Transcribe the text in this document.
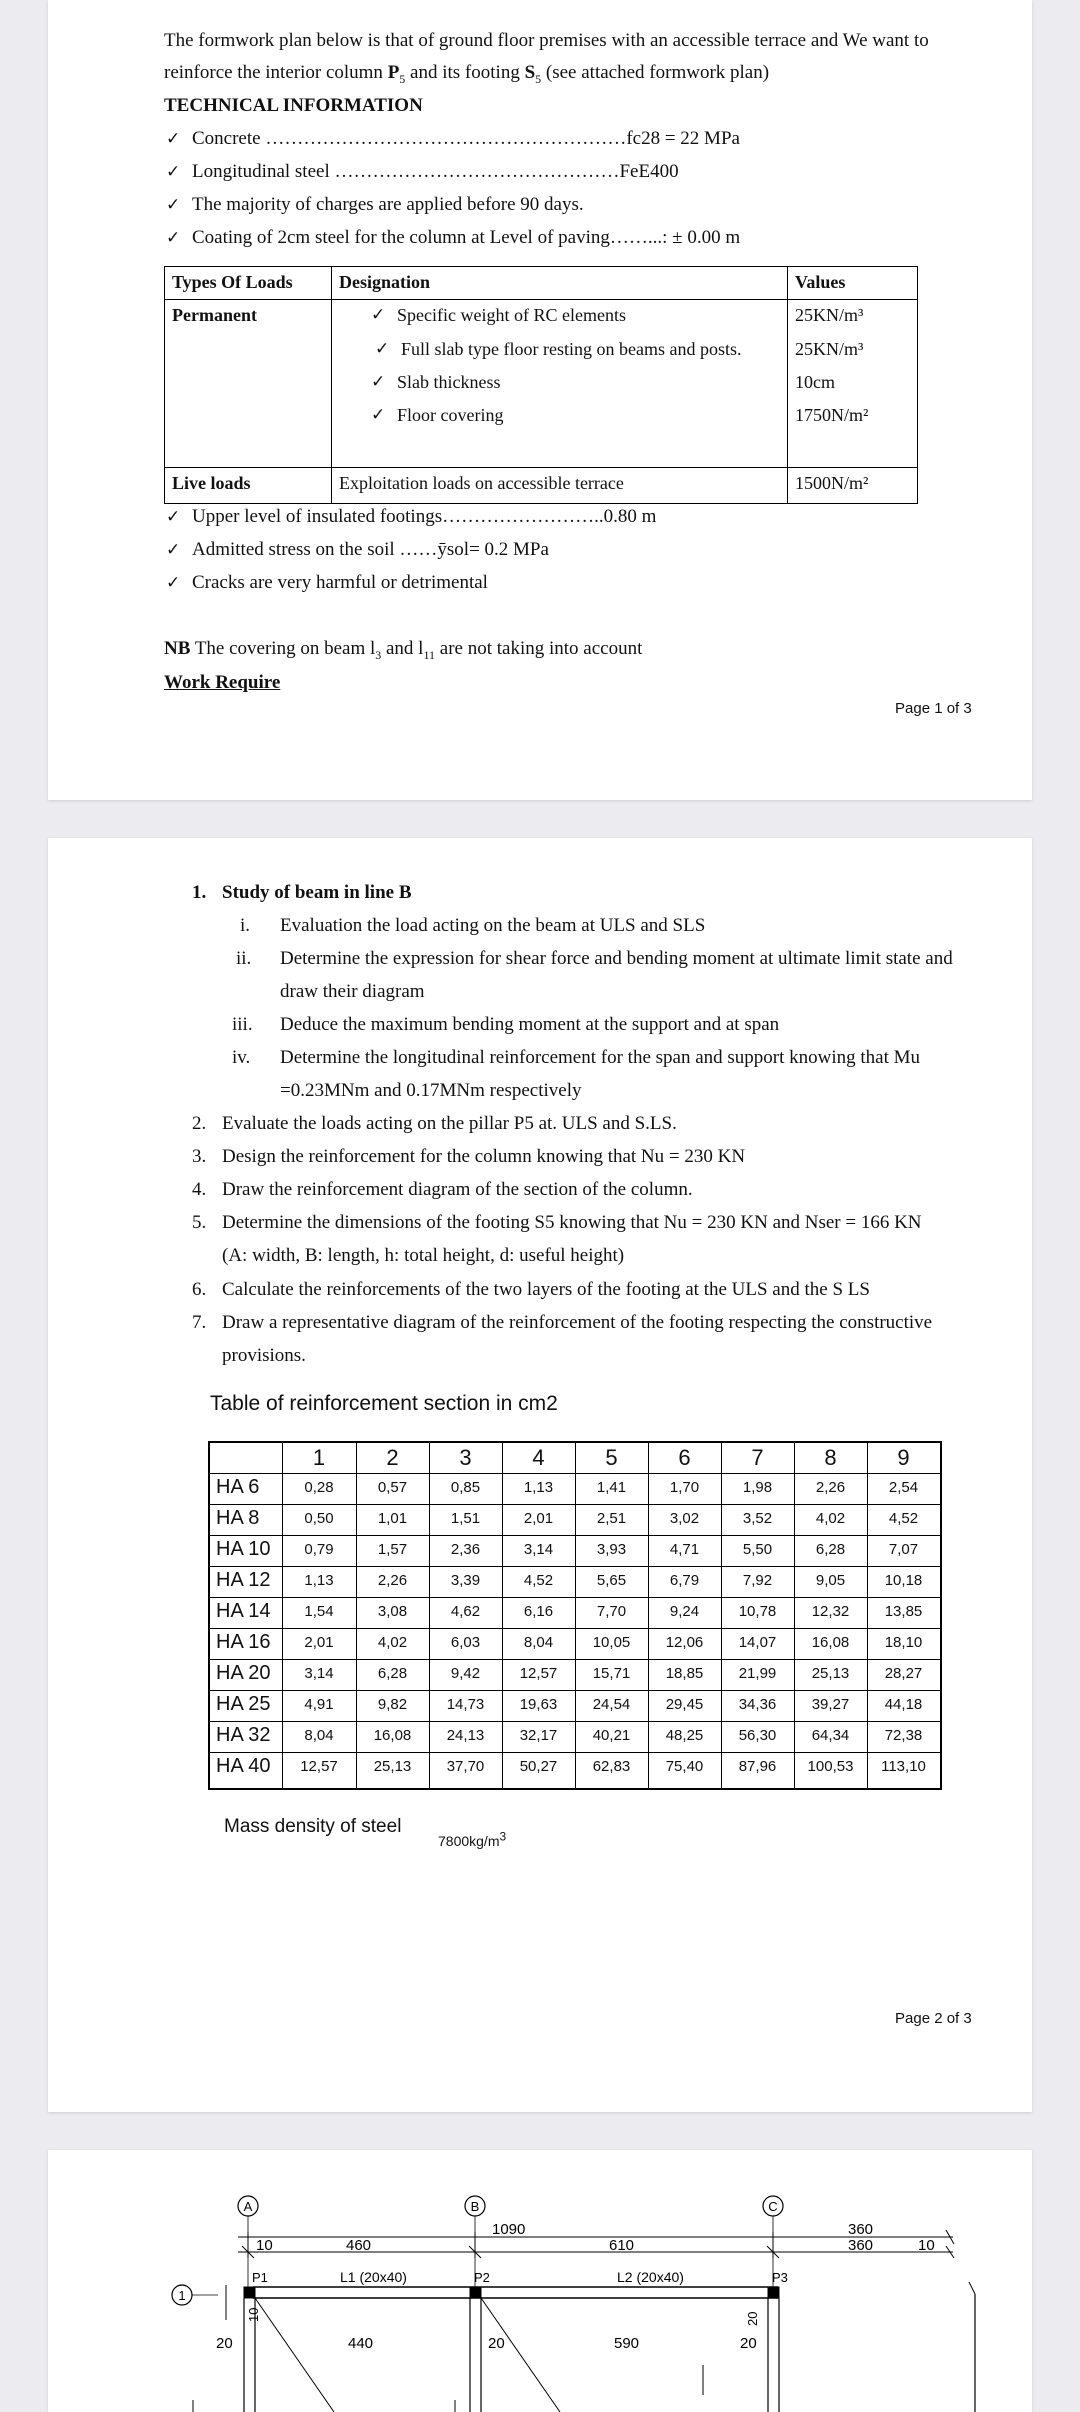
The formwork plan below is that of ground floor premises with an accessible terrace and We want to
reinforce the interior column $P_5$ and its footing $S_5$ (see attached formwork plan)
TECHNICAL INFORMATION
✓ Concrete …………………………………………………fc28 = 22 MPa
✓ Longitudinal steel ………………………………………FeE400
✓ The majority of charges are applied before 90 days.
✓ Coating of 2cm steel for the column at Level of paving……...: ± 0.00 m
Types Of Loads	Designation	Values
Permanent
✓	Specific weight of RC elements
✓ Full slab type floor resting on beams and posts.
✓ Slab thickness
✓ Floor covering
25KN/m³
25KN/m³
10cm
1750N/m²
Live loads	Exploitation loads on accessible terrace	1500N/m²
✓ Upper level of insulated footings……………………..0.80 m
✓ Admitted stress on the soil ……ӯsol= 0.2 MPa
✓ Cracks are very harmful or detrimental
NB The covering on beam $l_3$ and $l_{11}$ are not taking into account
Work Require
Page 1 of 3
1. Study of beam in line B
i. Evaluation the load acting on the beam at ULS and SLS
ii. Determine the expression for shear force and bending moment at ultimate limit state and
draw their diagram
iii. Deduce the maximum bending moment at the support and at span
iv. Determine the longitudinal reinforcement for the span and support knowing that Mu
=0.23MNm and 0.17MNm respectively
2. Evaluate the loads acting on the pillar P5 at. ULS and S.LS.
3. Design the reinforcement for the column knowing that Nu = 230 KN
4. Draw the reinforcement diagram of the section of the column.
5. Determine the dimensions of the footing S5 knowing that Nu = 230 KN and Nser = 166 KN
(A: width, B: length, h: total height, d: useful height)
6. Calculate the reinforcements of the two layers of the footing at the ULS and the S LS
7. Draw a representative diagram of the reinforcement of the footing respecting the constructive
provisions.
Table of reinforcement section in cm2
1	2	3	4	5	6	7	8	9
HA 6	0,28	0,57	0,85	1,13	1,41	1,70	1,98	2,26	2,54
HA 8	0,50	1,01	1,51	2,01	2,51	3,02	3,52	4,02	4,52
HA 10	0,79	1,57	2,36	3,14	3,93	4,71	5,50	6,28	7,07
HA 12	1,13	2,26	3,39	4,52	5,65	6,79	7,92	9,05	10,18
HA 14	1,54	3,08	4,62	6,16	7,70	9,24	10,78	12,32	13,85
HA 16	2,01	4,02	6,03	8,04	10,05	12,06	14,07	16,08	18,10
HA 20	3,14	6,28	9,42	12,57	15,71	18,85	21,99	25,13	28,27
HA 25	4,91	9,82	14,73	19,63	24,54	29,45	34,36	39,27	44,18
HA 32	8,04	16,08	24,13	32,17	40,21	48,25	56,30	64,34	72,38
HA 40	12,57	25,13	37,70	50,27	62,83	75,40	87,96	100,53	113,10
Mass density of steel
$7800kg/m^3$
Page 2 of 3
A	B	C
1
1090
10	460	610
360
360	10
L1 (20x40)	L2 (20x40)
P1	P2	P3
20	440	20	590	20
20
10
